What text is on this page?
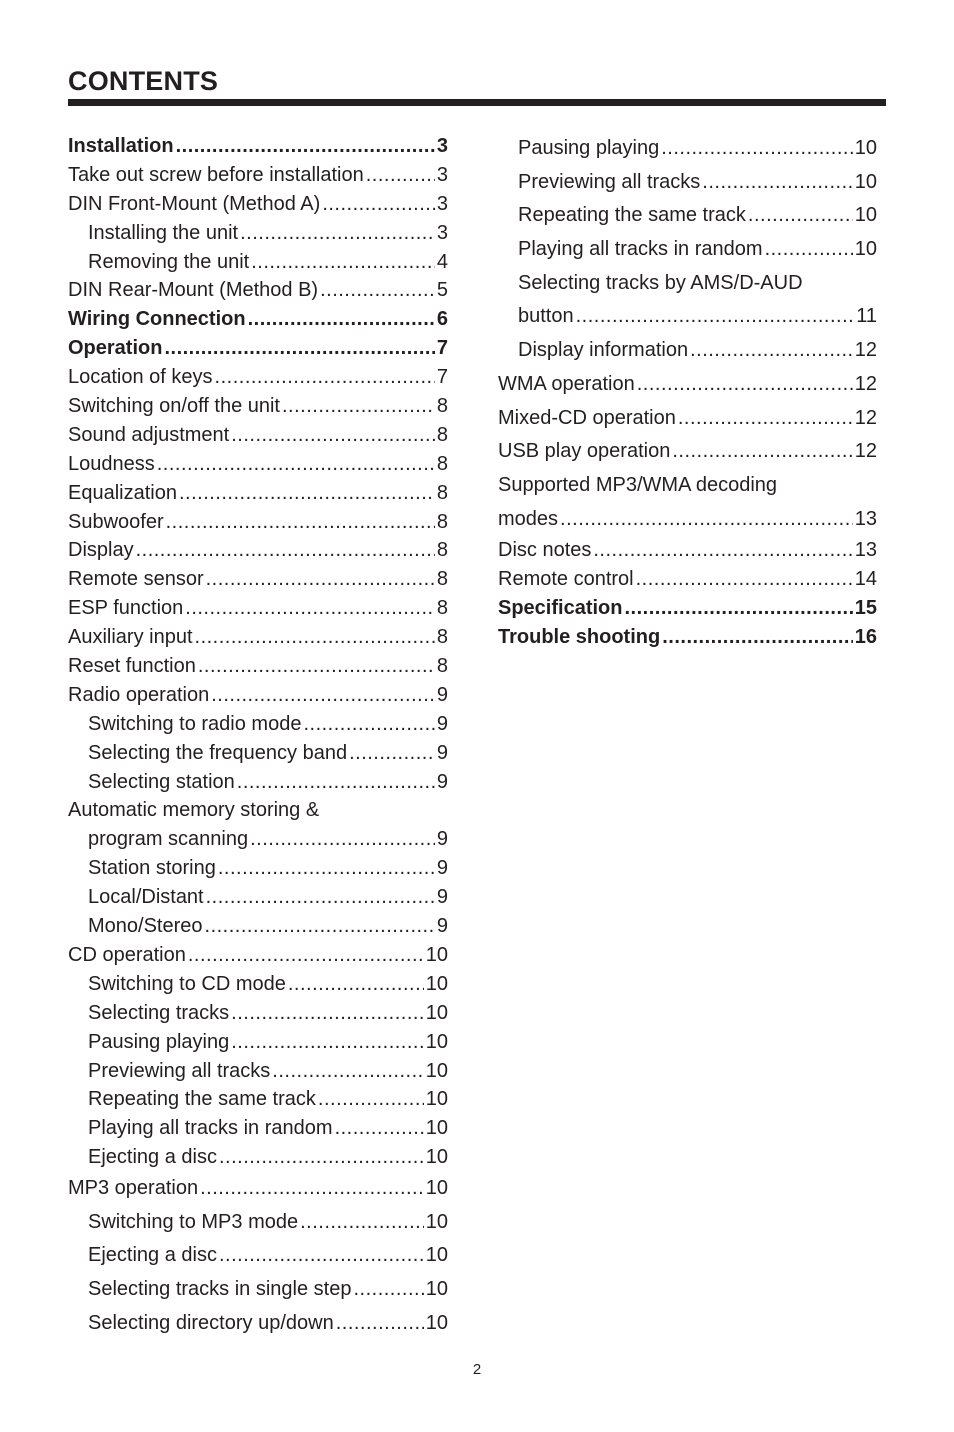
CONTENTS
Installation .....	3
Take out screw before installation .....	3
DIN Front-Mount (Method A) .....	3
Installing the unit .....	3
Removing the unit .....	4
DIN Rear-Mount (Method B) .....	5
Wiring Connection .....	6
Operation .....	7
Location of keys .....	7
Switching on/off the unit .....	8
Sound adjustment .....	8
Loudness .....	8
Equalization .....	8
Subwoofer .....	8
Display .....	8
Remote sensor .....	8
ESP function .....	8
Auxiliary input .....	8
Reset function .....	8
Radio operation .....	9
Switching to radio mode .....	9
Selecting the frequency band .....	9
Selecting station .....	9
Automatic memory storing &
program scanning .....	9
Station storing .....	9
Local/Distant .....	9
Mono/Stereo .....	9
CD operation .....	10
Switching to CD mode .....	10
Selecting tracks .....	10
Pausing playing .....	10
Previewing all tracks .....	10
Repeating the same track .....	10
Playing all tracks in random .....	10
Ejecting a disc .....	10
MP3 operation .....	10
Switching to MP3 mode .....	10
Ejecting a disc .....	10
Selecting tracks in single step .....	10
Selecting directory up/down .....	10
Pausing playing .....	10
Previewing all tracks .....	10
Repeating the same track .....	10
Playing all tracks in random .....	10
Selecting tracks by AMS/D-AUD
button .....	11
Display information .....	12
WMA operation .....	12
Mixed-CD operation .....	12
USB play operation .....	12
Supported MP3/WMA decoding
modes .....	13
Disc notes .....	13
Remote control .....	14
Specification .....	15
Trouble shooting .....	16
2
